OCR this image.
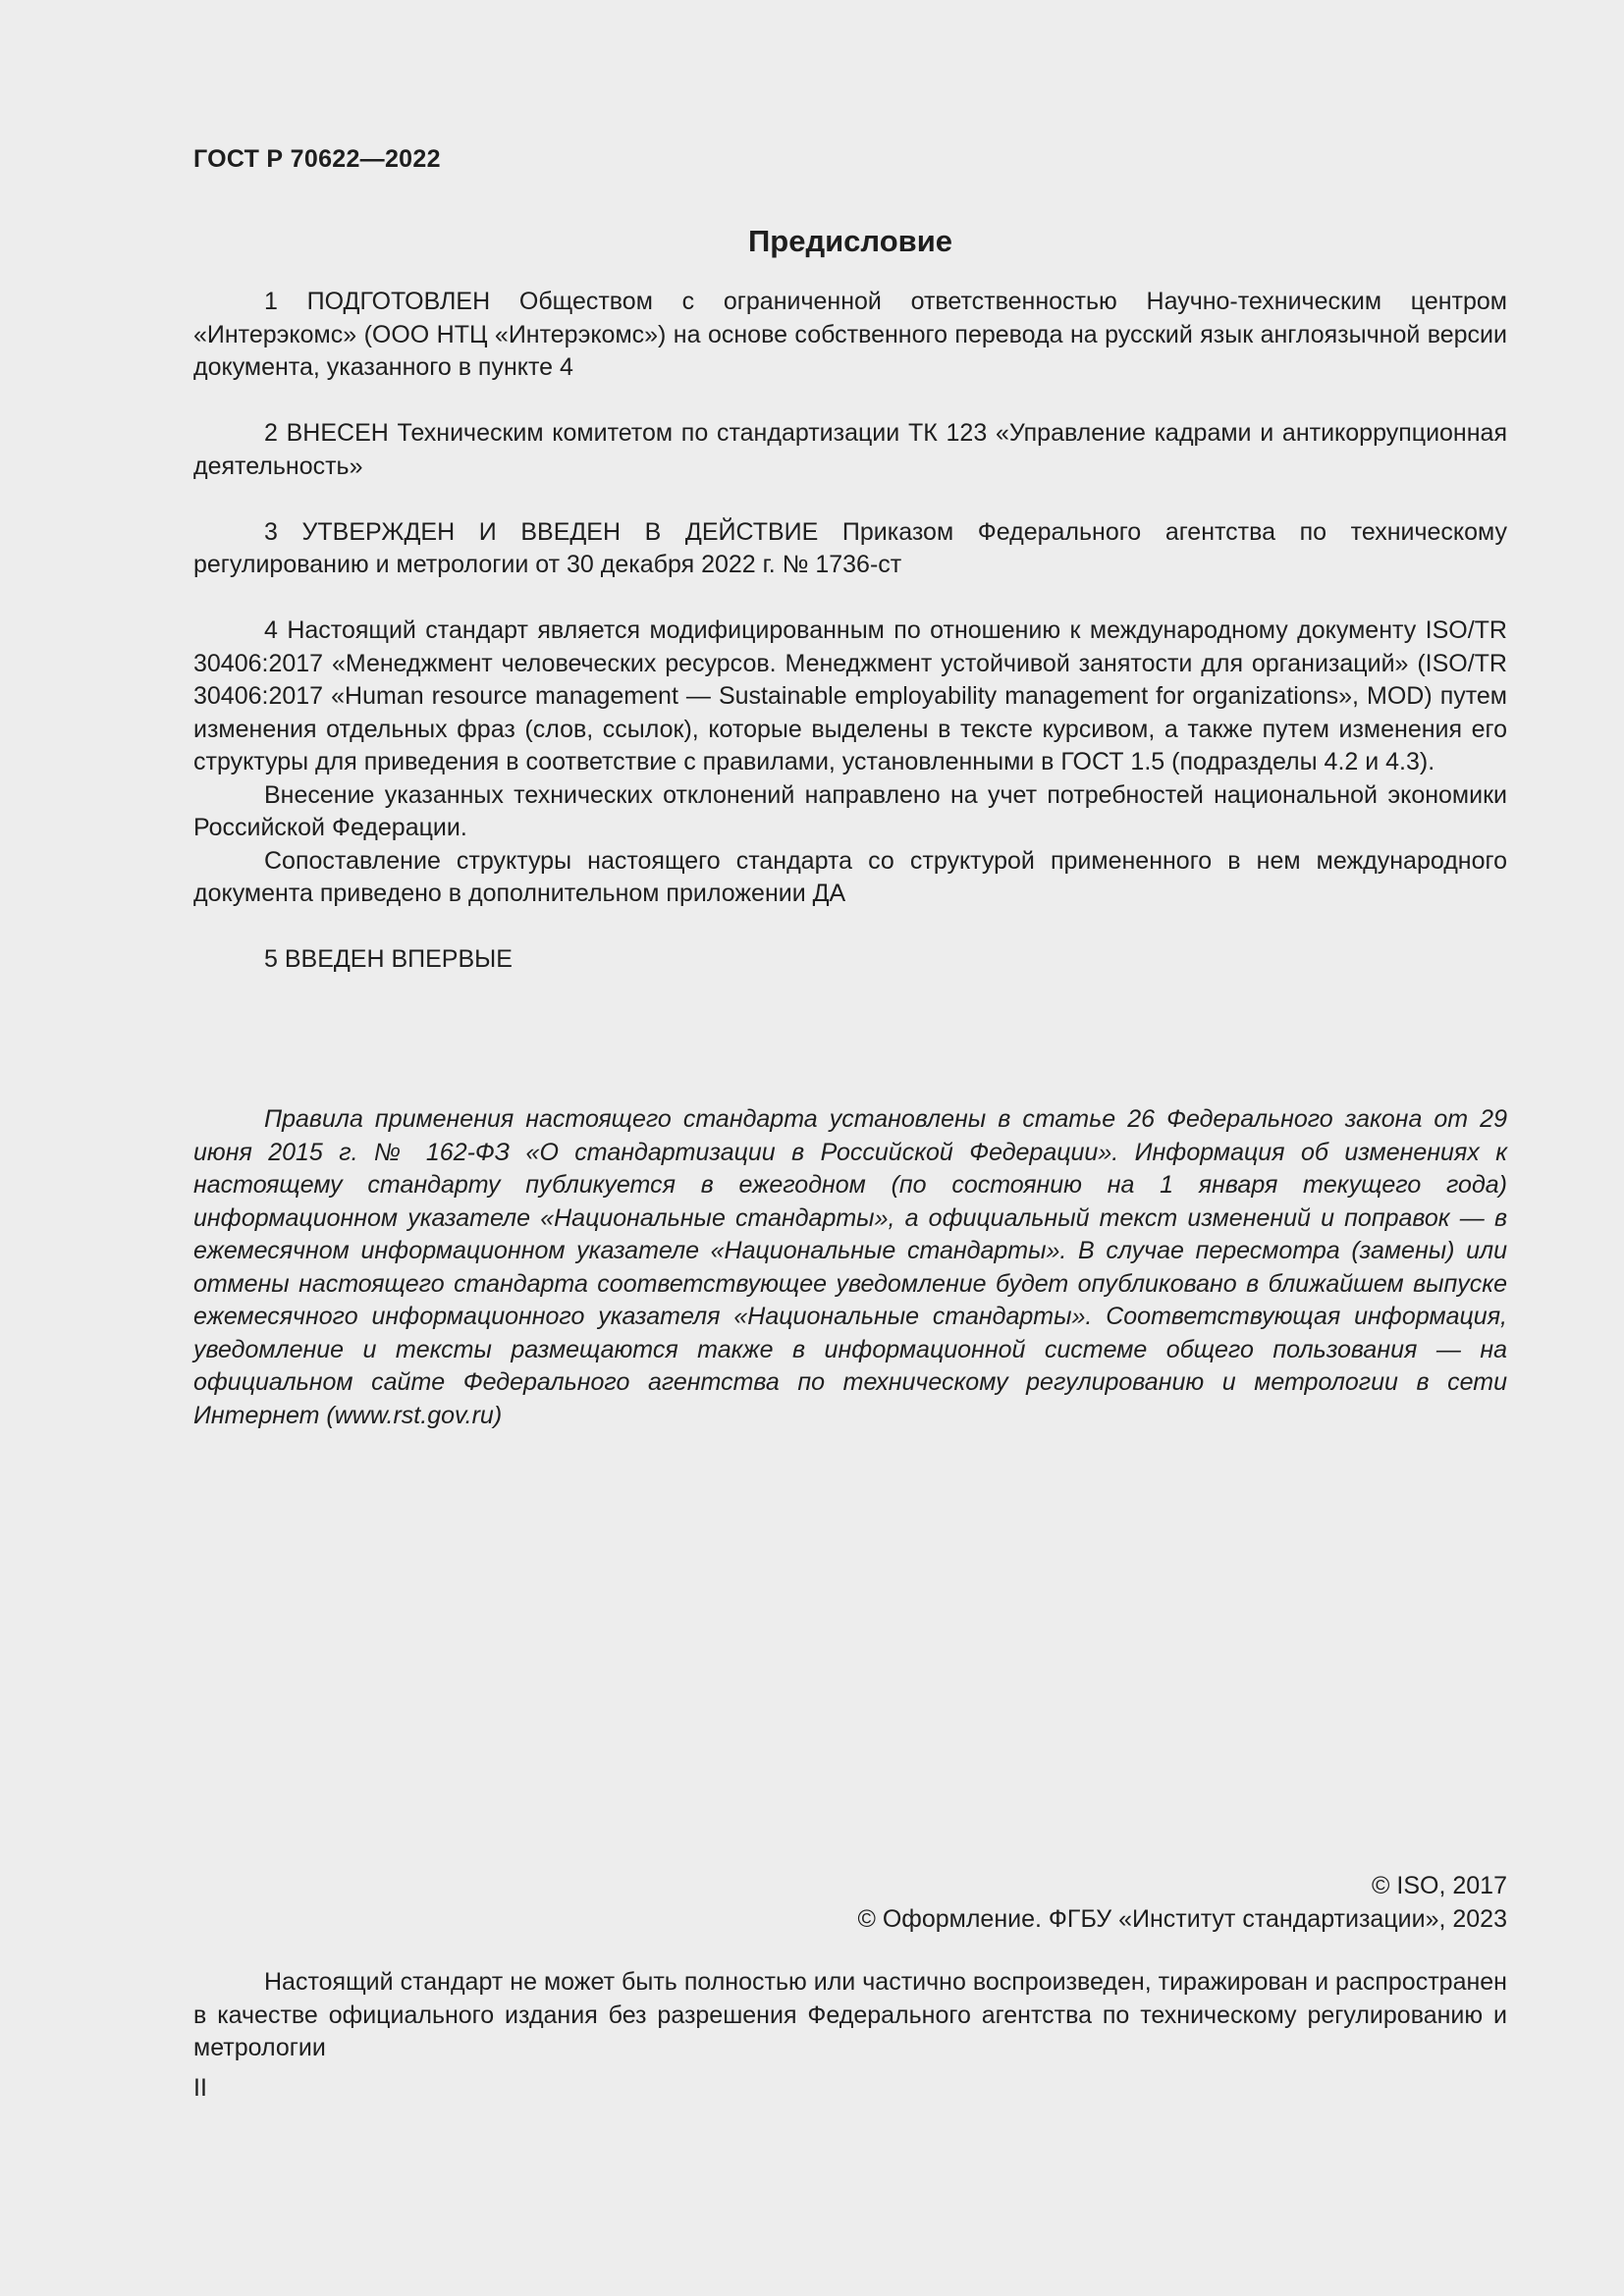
ГОСТ Р 70622—2022
Предисловие

1 ПОДГОТОВЛЕН Обществом с ограниченной ответственностью Научно-техническим центром «Интерэкомс» (ООО НТЦ «Интерэкомс») на основе собственного перевода на русский язык англоязычной версии документа, указанного в пункте 4

2 ВНЕСЕН Техническим комитетом по стандартизации ТК 123 «Управление кадрами и антикоррупционная деятельность»

3 УТВЕРЖДЕН И ВВЕДЕН В ДЕЙСТВИЕ Приказом Федерального агентства по техническому регулированию и метрологии от 30 декабря 2022 г. № 1736-ст

4 Настоящий стандарт является модифицированным по отношению к международному документу ISO/TR 30406:2017 «Менеджмент человеческих ресурсов. Менеджмент устойчивой занятости для организаций» (ISO/TR 30406:2017 «Human resource management — Sustainable employability management for organizations», MOD) путем изменения отдельных фраз (слов, ссылок), которые выделены в тексте курсивом, а также путем изменения его структуры для приведения в соответствие с правилами, установленными в ГОСТ 1.5 (подразделы 4.2 и 4.3).

Внесение указанных технических отклонений направлено на учет потребностей национальной экономики Российской Федерации.

Сопоставление структуры настоящего стандарта со структурой примененного в нем международного документа приведено в дополнительном приложении ДА

5 ВВЕДЕН ВПЕРВЫЕ

Правила применения настоящего стандарта установлены в статье 26 Федерального закона от 29 июня 2015 г. № 162-ФЗ «О стандартизации в Российской Федерации». Информация об изменениях к настоящему стандарту публикуется в ежегодном (по состоянию на 1 января текущего года) информационном указателе «Национальные стандарты», а официальный текст изменений и поправок — в ежемесячном информационном указателе «Национальные стандарты». В случае пересмотра (замены) или отмены настоящего стандарта соответствующее уведомление будет опубликовано в ближайшем выпуске ежемесячного информационного указателя «Национальные стандарты». Соответствующая информация, уведомление и тексты размещаются также в информационной системе общего пользования — на официальном сайте Федерального агентства по техническому регулированию и метрологии в сети Интернет (www.rst.gov.ru)

© ISO, 2017
© Оформление. ФГБУ «Институт стандартизации», 2023

Настоящий стандарт не может быть полностью или частично воспроизведен, тиражирован и распространен в качестве официального издания без разрешения Федерального агентства по техническому регулированию и метрологии

II
